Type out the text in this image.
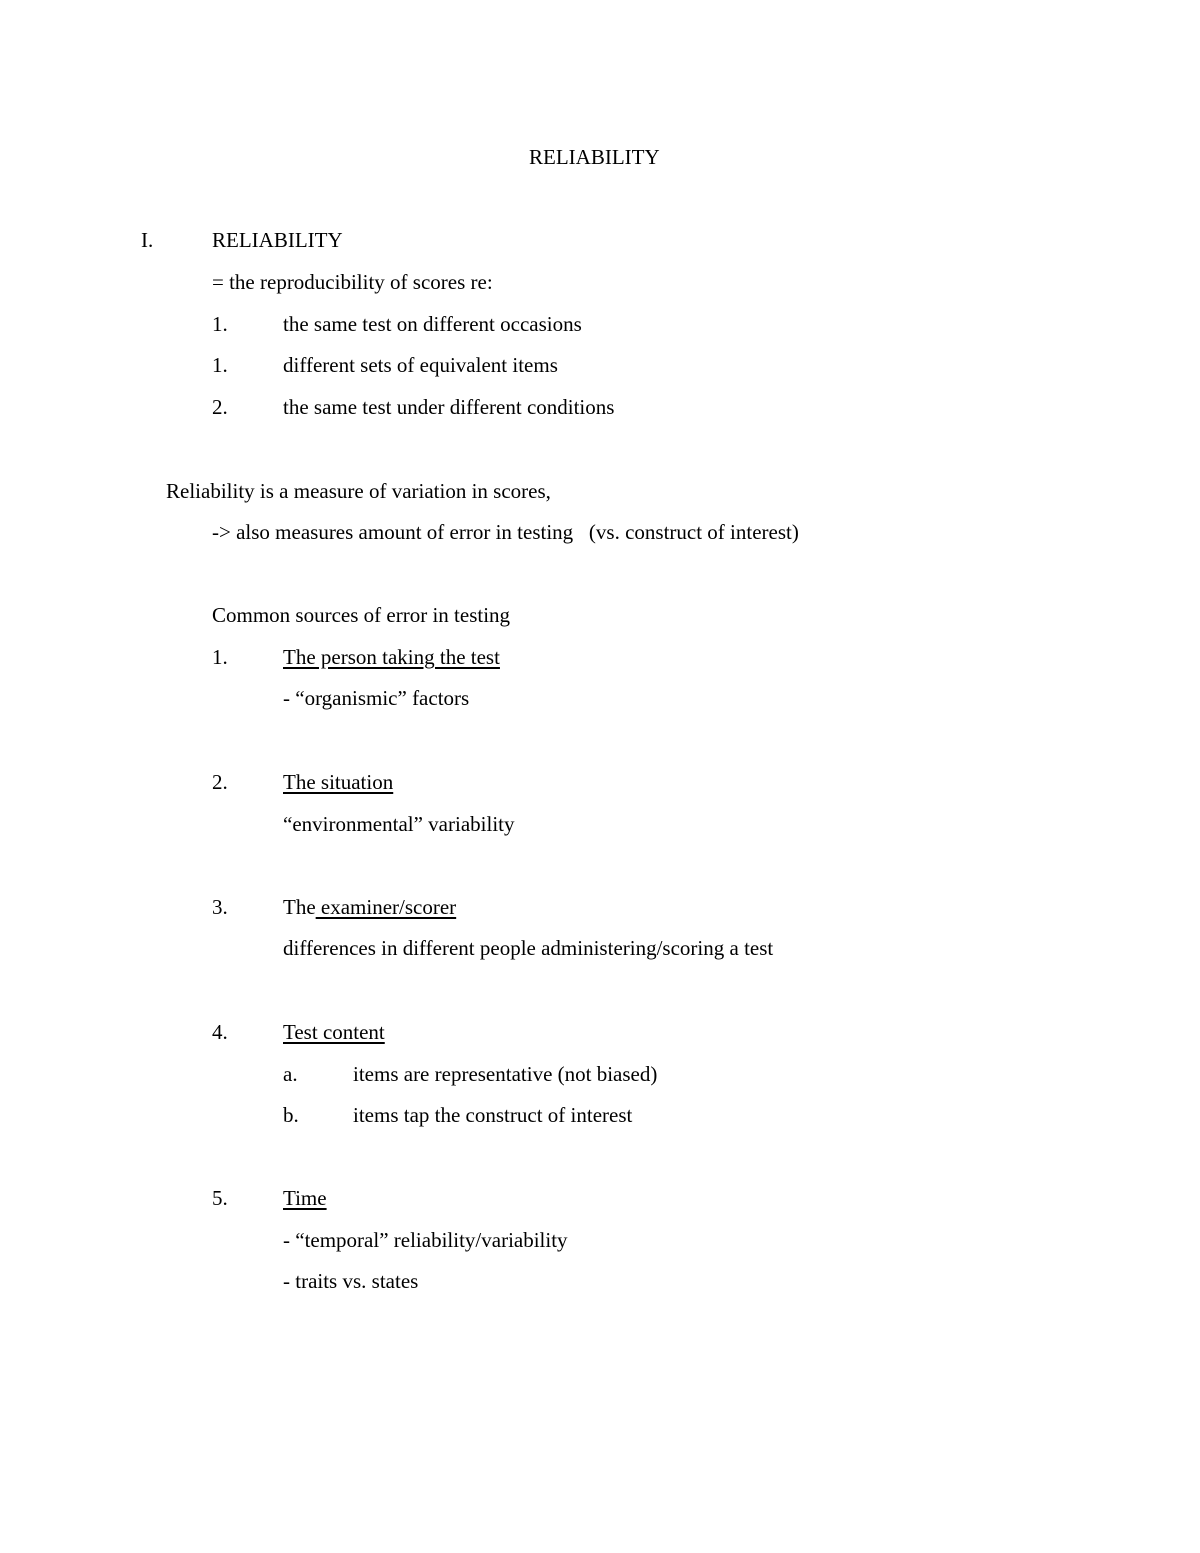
RELIABILITY
I.	RELIABILITY
= the reproducibility of scores re:
1.	the same test on different occasions
1.	different sets of equivalent items
2.	the same test under different conditions
Reliability is a measure of variation in scores,
-> also measures amount of error in testing   (vs. construct of interest)
Common sources of error in testing
1.	The person taking the test
- “organismic” factors
2.	The situation
“environmental” variability
3.	The examiner/scorer
differences in different people administering/scoring a test
4.	Test content
a.	items are representative (not biased)
b.	items tap the construct of interest
5.	Time
- “temporal” reliability/variability
- traits vs. states
